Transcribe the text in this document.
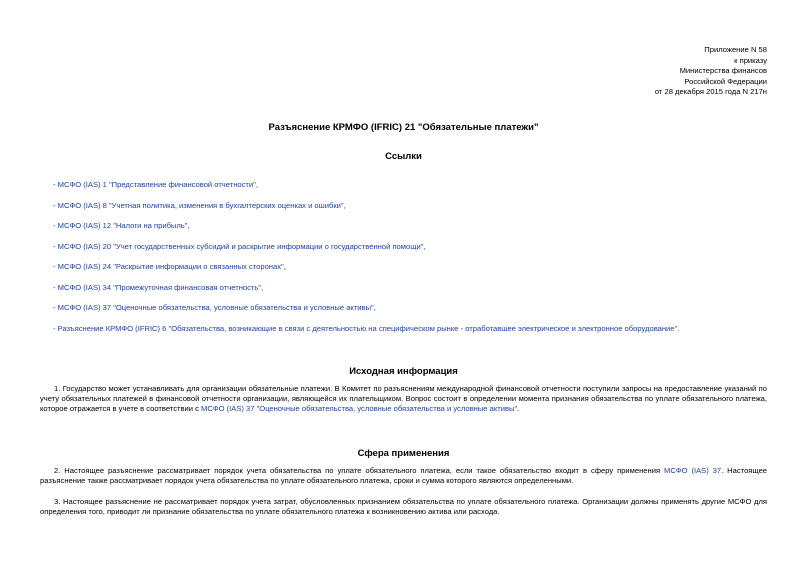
Приложение N 58
к приказу
Министерства финансов
Российской Федерации
от 28 декабря 2015 года N 217н
Разъяснение КРМФО (IFRIC) 21 "Обязательные платежи"
Ссылки
- МСФО (IAS) 1 "Представление финансовой отчетности",
- МСФО (IAS) 8 "Учетная политика, изменения в бухгалтерских оценках и ошибки",
- МСФО (IAS) 12 "Налоги на прибыль",
- МСФО (IAS) 20 "Учет государственных субсидий и раскрытие информации о государственной помощи",
- МСФО (IAS) 24 "Раскрытие информации о связанных сторонах",
- МСФО (IAS) 34 "Промежуточная финансовая отчетность",
- МСФО (IAS) 37 "Оценочные обязательства, условные обязательства и условные активы",
- Разъяснение КРМФО (IFRIC) 6 "Обязательства, возникающие в связи с деятельностью на специфическом рынке - отработавшее электрическое и электронное оборудование".
Исходная информация
1. Государство может устанавливать для организации обязательные платежи. В Комитет по разъяснениям международной финансовой отчетности поступили запросы на предоставление указаний по учету обязательных платежей в финансовой отчетности организации, являющейся их плательщиком. Вопрос состоит в определении момента признания обязательства по уплате обязательного платежа, которое отражается в учете в соответствии с МСФО (IAS) 37 "Оценочные обязательства, условные обязательства и условные активы".
Сфера применения
2. Настоящее разъяснение рассматривает порядок учета обязательства по уплате обязательного платежа, если такое обязательство входит в сферу применения МСФО (IAS) 37. Настоящее разъяснение также рассматривает порядок учета обязательства по уплате обязательного платежа, сроки и сумма которого являются определенными.
3. Настоящее разъяснение не рассматривает порядок учета затрат, обусловленных признанием обязательства по уплате обязательного платежа. Организации должны применять другие МСФО для определения того, приводит ли признание обязательства по уплате обязательного платежа к возникновению актива или расхода.
